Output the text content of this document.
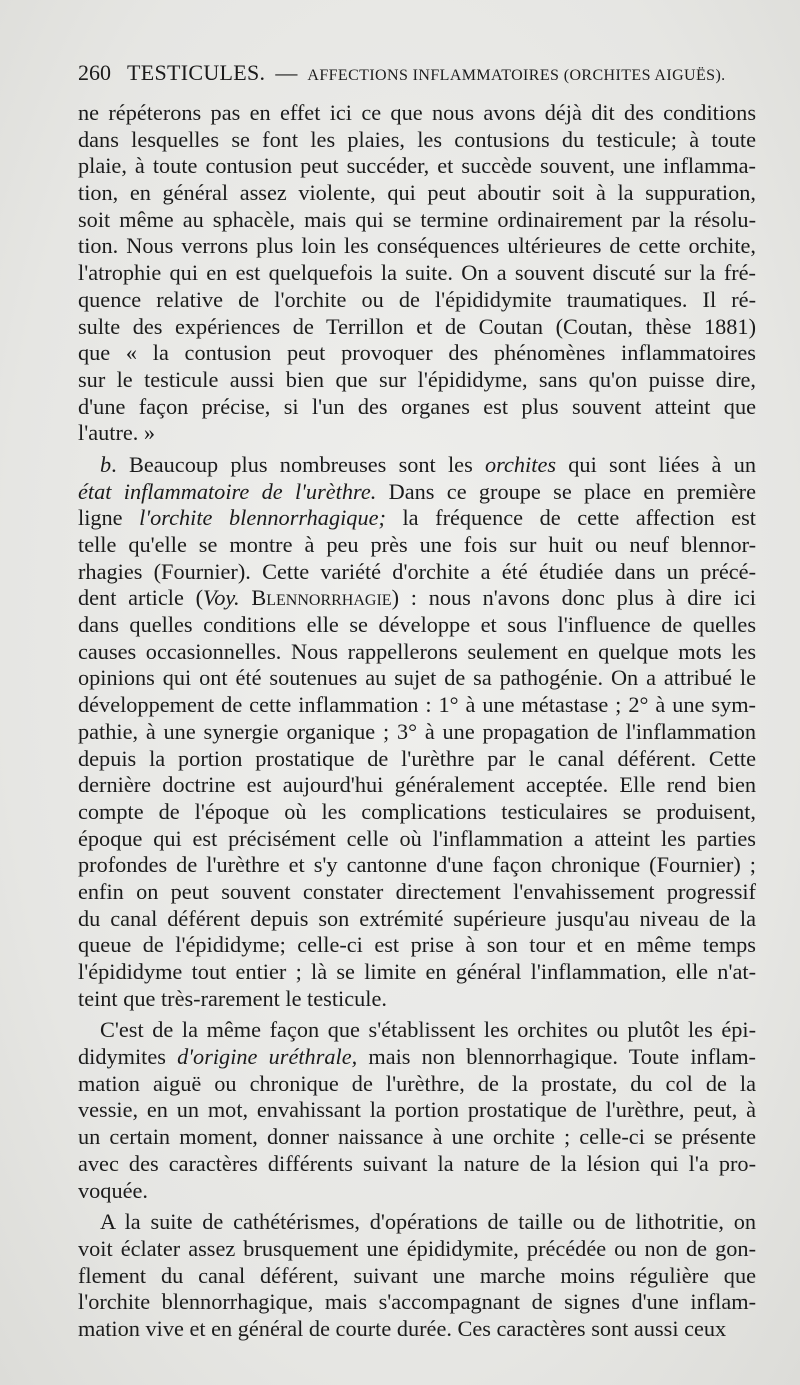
260 TESTICULES. — AFFECTIONS INFLAMMATOIRES (ORCHITES AIGUËS).
ne répéterons pas en effet ici ce que nous avons déjà dit des conditions
dans lesquelles se font les plaies, les contusions du testicule; à toute
plaie, à toute contusion peut succéder, et succède souvent, une inflamma-
tion, en général assez violente, qui peut aboutir soit à la suppuration,
soit même au sphacèle, mais qui se termine ordinairement par la résolu-
tion. Nous verrons plus loin les conséquences ultérieures de cette orchite,
l'atrophie qui en est quelquefois la suite. On a souvent discuté sur la fré-
quence relative de l'orchite ou de l'épididymite traumatiques. Il ré-
sulte des expériences de Terrillon et de Coutan (Coutan, thèse 1881)
que « la contusion peut provoquer des phénomènes inflammatoires
sur le testicule aussi bien que sur l'épididyme, sans qu'on puisse dire,
d'une façon précise, si l'un des organes est plus souvent atteint que
l'autre. »
b. Beaucoup plus nombreuses sont les orchites qui sont liées à un
état inflammatoire de l'urèthre. Dans ce groupe se place en première
ligne l'orchite blennorrhagique; la fréquence de cette affection est
telle qu'elle se montre à peu près une fois sur huit ou neuf blennor-
rhagies (Fournier). Cette variété d'orchite a été étudiée dans un précé-
dent article (Voy. Blennorrhagie) : nous n'avons donc plus à dire ici
dans quelles conditions elle se développe et sous l'influence de quelles
causes occasionnelles. Nous rappellerons seulement en quelque mots les
opinions qui ont été soutenues au sujet de sa pathogénie. On a attribué le
développement de cette inflammation : 1° à une métastase ; 2° à une sym-
pathie, à une synergie organique ; 3° à une propagation de l'inflammation
depuis la portion prostatique de l'urèthre par le canal déférent. Cette
dernière doctrine est aujourd'hui généralement acceptée. Elle rend bien
compte de l'époque où les complications testiculaires se produisent,
époque qui est précisément celle où l'inflammation a atteint les parties
profondes de l'urèthre et s'y cantonne d'une façon chronique (Fournier) ;
enfin on peut souvent constater directement l'envahissement progressif
du canal déférent depuis son extrémité supérieure jusqu'au niveau de la
queue de l'épididyme; celle-ci est prise à son tour et en même temps
l'épididyme tout entier ; là se limite en général l'inflammation, elle n'at-
teint que très-rarement le testicule.
C'est de la même façon que s'établissent les orchites ou plutôt les épi-
didymites d'origine uréthrale, mais non blennorrhagique. Toute inflam-
mation aiguë ou chronique de l'urèthre, de la prostate, du col de la
vessie, en un mot, envahissant la portion prostatique de l'urèthre, peut, à
un certain moment, donner naissance à une orchite ; celle-ci se présente
avec des caractères différents suivant la nature de la lésion qui l'a pro-
voquée.
A la suite de cathétérismes, d'opérations de taille ou de lithotritie, on
voit éclater assez brusquement une épididymite, précédée ou non de gon-
flement du canal déférent, suivant une marche moins régulière que
l'orchite blennorrhagique, mais s'accompagnant de signes d'une inflam-
mation vive et en général de courte durée. Ces caractères sont aussi ceux
